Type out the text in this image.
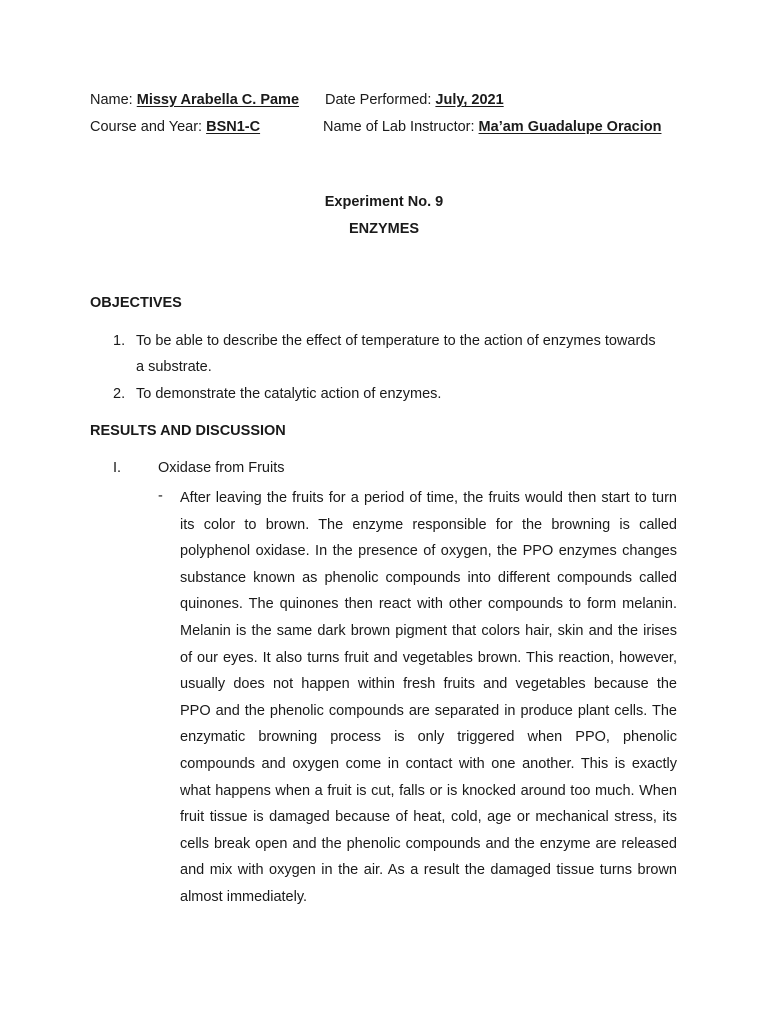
Name: Missy Arabella C. Pame Date Performed: July, 2021
Course and Year: BSN1-C	Name of Lab Instructor: Ma’am Guadalupe Oracion
Experiment No. 9
ENZYMES
OBJECTIVES
1. To be able to describe the effect of temperature to the action of enzymes towards
a substrate.
2. To demonstrate the catalytic action of enzymes.
RESULTS AND DISCUSSION
I.	Oxidase from Fruits
- After leaving the fruits for a period of time, the fruits would then start to turn
its color to brown. The enzyme responsible for the browning is called
polyphenol oxidase. In the presence of oxygen, the PPO enzymes changes
substance known as phenolic compounds into different compounds called
quinones. The quinones then react with other compounds to form melanin.
Melanin is the same dark brown pigment that colors hair, skin and the irises
of our eyes. It also turns fruit and vegetables brown. This reaction, however,
usually does not happen within fresh fruits and vegetables because the
PPO and the phenolic compounds are separated in produce plant cells. The
enzymatic browning process is only triggered when PPO, phenolic
compounds and oxygen come in contact with one another. This is exactly
what happens when a fruit is cut, falls or is knocked around too much. When
fruit tissue is damaged because of heat, cold, age or mechanical stress, its
cells break open and the phenolic compounds and the enzyme are released
and mix with oxygen in the air. As a result the damaged tissue turns brown
almost immediately.
